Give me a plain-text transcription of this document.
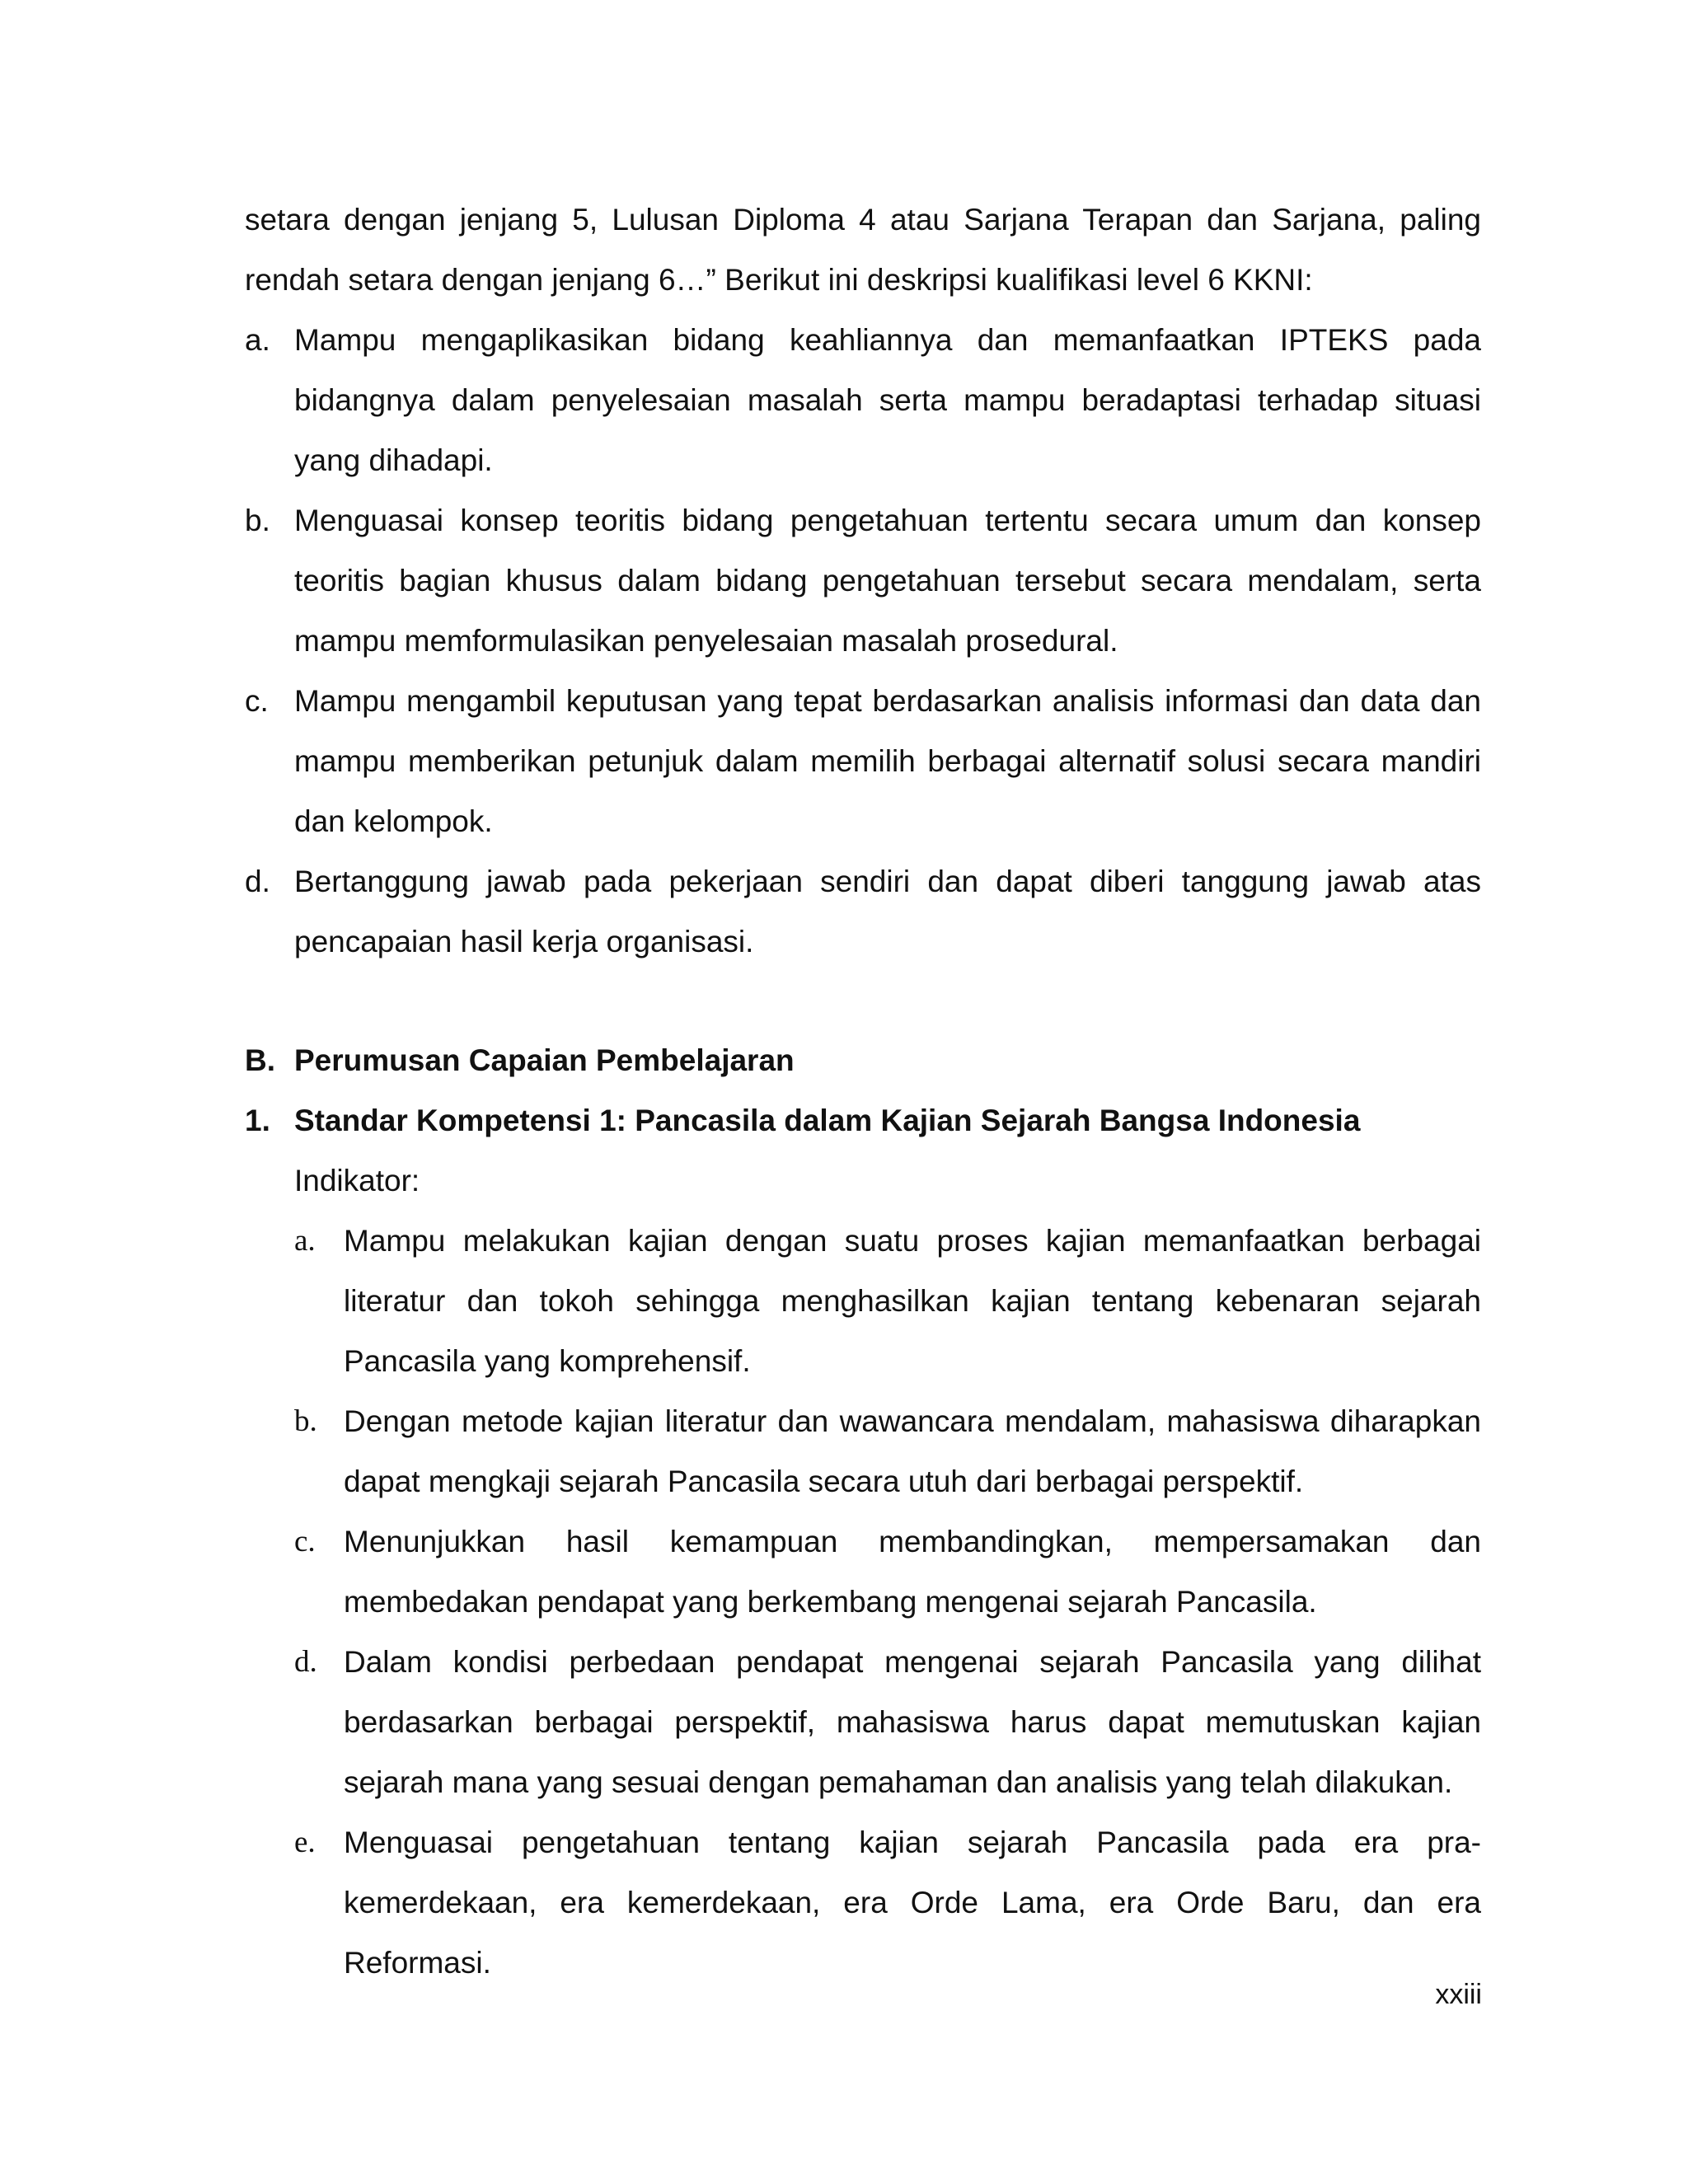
setara dengan jenjang 5, Lulusan Diploma 4 atau Sarjana Terapan dan Sarjana, paling rendah setara dengan jenjang 6…” Berikut ini deskripsi kualifikasi level 6 KKNI:

a. Mampu mengaplikasikan bidang keahliannya dan memanfaatkan IPTEKS pada bidangnya dalam penyelesaian masalah serta mampu beradaptasi terhadap situasi yang dihadapi.
b. Menguasai konsep teoritis bidang pengetahuan tertentu secara umum dan konsep teoritis bagian khusus dalam bidang pengetahuan tersebut secara mendalam, serta mampu memformulasikan penyelesaian masalah prosedural.
c. Mampu mengambil keputusan yang tepat berdasarkan analisis informasi dan data dan mampu memberikan petunjuk dalam memilih berbagai alternatif solusi secara mandiri dan kelompok.
d. Bertanggung jawab pada pekerjaan sendiri dan dapat diberi tanggung jawab atas pencapaian hasil kerja organisasi.
B. Perumusan Capaian Pembelajaran
1. Standar Kompetensi 1: Pancasila dalam Kajian Sejarah Bangsa Indonesia

Indikator:

a. Mampu melakukan kajian dengan suatu proses kajian memanfaatkan berbagai literatur dan tokoh sehingga menghasilkan kajian tentang kebenaran sejarah Pancasila yang komprehensif.
b. Dengan metode kajian literatur dan wawancara mendalam, mahasiswa diharapkan dapat mengkaji sejarah Pancasila secara utuh dari berbagai perspektif.
c. Menunjukkan hasil kemampuan membandingkan, mempersamakan dan membedakan pendapat yang berkembang mengenai sejarah Pancasila.
d. Dalam kondisi perbedaan pendapat mengenai sejarah Pancasila yang dilihat berdasarkan berbagai perspektif, mahasiswa harus dapat memutuskan kajian sejarah mana yang sesuai dengan pemahaman dan analisis yang telah dilakukan.
e. Menguasai pengetahuan tentang kajian sejarah Pancasila pada era pra-kemerdekaan, era kemerdekaan, era Orde Lama, era Orde Baru, dan era Reformasi.
xxiii
